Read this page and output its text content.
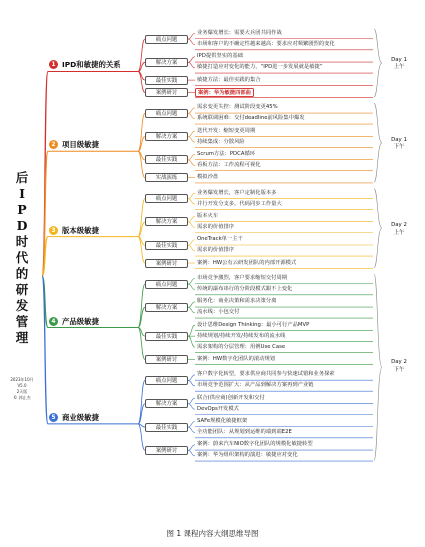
业务爆发增长：需要大兵团共同作战
市场和客户的不确定性越来越高：要求应对频繁剧烈的变化
痛点问题
IPD提供坚实的基础
敏捷打造应对变化的能力，“IPD进一步发展就是敏捷”
解决方案
敏捷方法：最佳实践的集合
最佳实践
案例：华为敏捷四部曲
案例研讨
1 IPD和敏捷的关系
Day 1
上午
需求变更失控：测试阶段变更45%
系统联调困难：交付deadline前风险集中爆发
痛点问题
迭代开发：缩短变更周期
持续集成：分散风险
解决方案
Scrum方法：PDCA循环
看板方法：工作流程可视化
最佳实践
模拟沙盘
实战演练
2 项目级敏捷
Day 1
下午
业务爆发增长，客户定制化版本多
并行开发分支多，代码同步工作量大
痛点问题
版本火车
需求的价值排序
解决方案
OneTrack单一主干
需求的价值排序
最佳实践
案例：HW公有云研发团队的内部开源模式
案例研讨
3 版本级敏捷
Day 2
上午
市场竞争激烈，客户要求缩短交付周期
传统的瀑布串行的分阶段模式跟不上变化
痛点问题
服务化：商业决策和需求决策分离
流水线：小包交付
解决方案
设计思维Design Thinking：最小可行产品MVP
持续规划/持续开发/持续发布的流水线
需求架构的分层管理：用例Use Case
最佳实践
案例：HW数字化团队的滚动规划
案例研讨
4 产品级敏捷
Day 2
下午
客户数字化转型，要求供应商共同参与快速试错和业务探索
市场竞争范围扩大：从产品到解决方案再到产业链
痛点问题
联合(供应商)创新开发和交付
DevOps开发模式
解决方案
SAFe规模化敏捷框架
全功能团队：从规划到运维的端到端E2E
最佳实践
案例：蔚来汽车NIO数字化团队的规模化敏捷转型
案例：华为组织架构的演进：敏捷应对变化
案例研讨
5 商业级敏捷
后
I
P
D
时
代
的
研
发
管
理
2023年10月
V5.0
2天版
© 郭止杰
图 1 课程内容大纲思维导图
